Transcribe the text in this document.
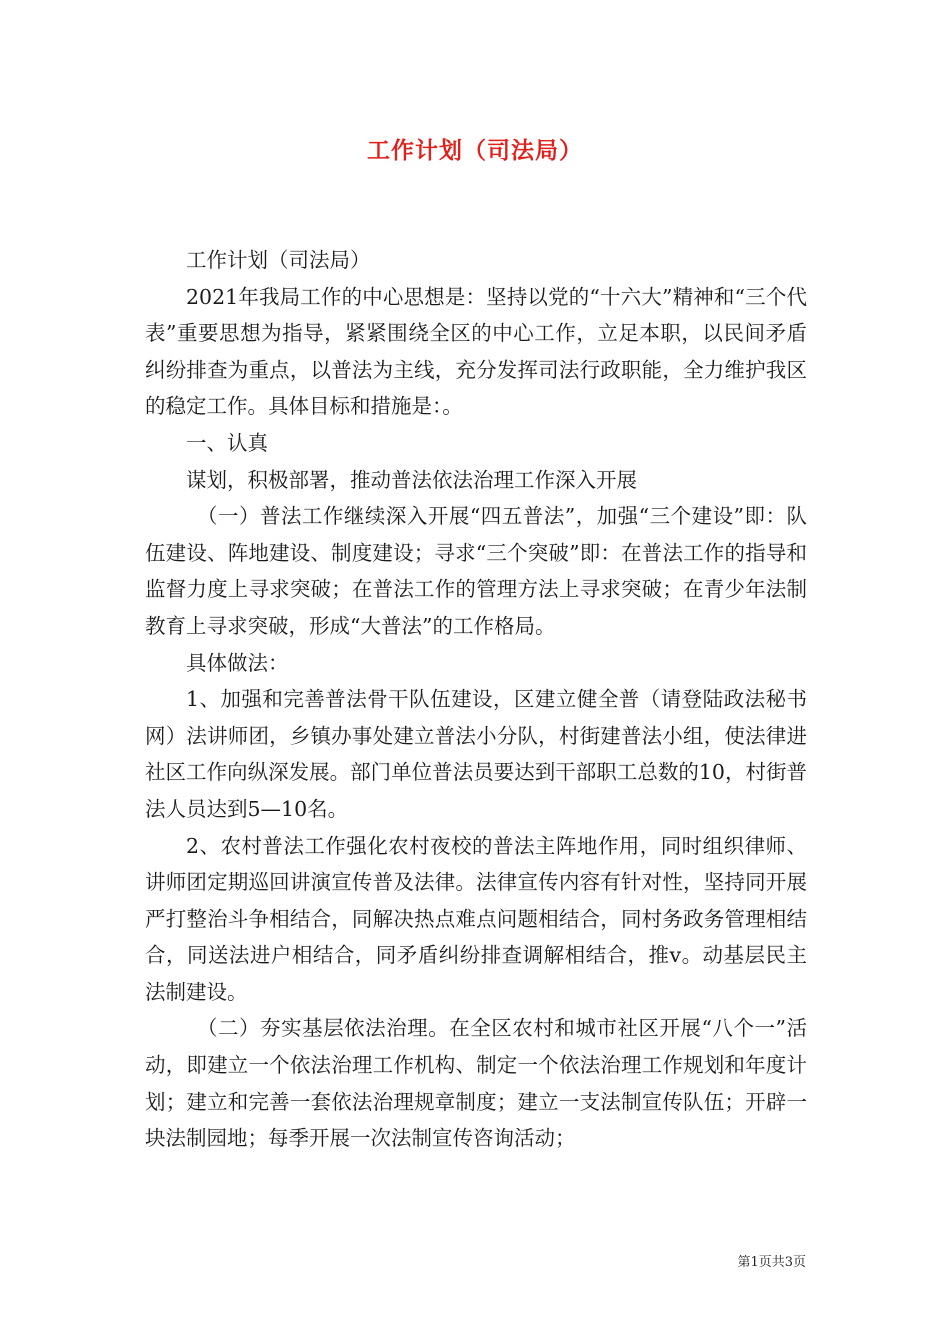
工作计划（司法局）

工作计划（司法局）

2021年我局工作的中心思想是：坚持以党的“十六大”精神和“三个代表”重要思想为指导，紧紧围绕全区的中心工作，立足本职，以民间矛盾纠纷排查为重点，以普法为主线，充分发挥司法行政职能，全力维护我区的稳定工作。具体目标和措施是：。

一、认真

谋划，积极部署，推动普法依法治理工作深入开展

（一）普法工作继续深入开展“四五普法”，加强“三个建设”即：队伍建设、阵地建设、制度建设；寻求“三个突破”即：在普法工作的指导和监督力度上寻求突破；在普法工作的管理方法上寻求突破；在青少年法制教育上寻求突破，形成“大普法”的工作格局。

具体做法：

1、加强和完善普法骨干队伍建设，区建立健全普（请登陆政法秘书网）法讲师团，乡镇办事处建立普法小分队，村街建普法小组，使法律进社区工作向纵深发展。部门单位普法员要达到干部职工总数的10，村街普法人员达到5—10名。

2、农村普法工作强化农村夜校的普法主阵地作用，同时组织律师、讲师团定期巡回讲演宣传普及法律。法律宣传内容有针对性，坚持同开展严打整治斗争相结合，同解决热点难点问题相结合，同村务政务管理相结合，同送法进户相结合，同矛盾纠纷排查调解相结合，推v。动基层民主法制建设。

（二）夯实基层依法治理。在全区农村和城市社区开展“八个一”活动，即建立一个依法治理工作机构、制定一个依法治理工作规划和年度计划；建立和完善一套依法治理规章制度；建立一支法制宣传队伍；开辟一块法制园地；每季开展一次法制宣传咨询活动；

第1页共3页
